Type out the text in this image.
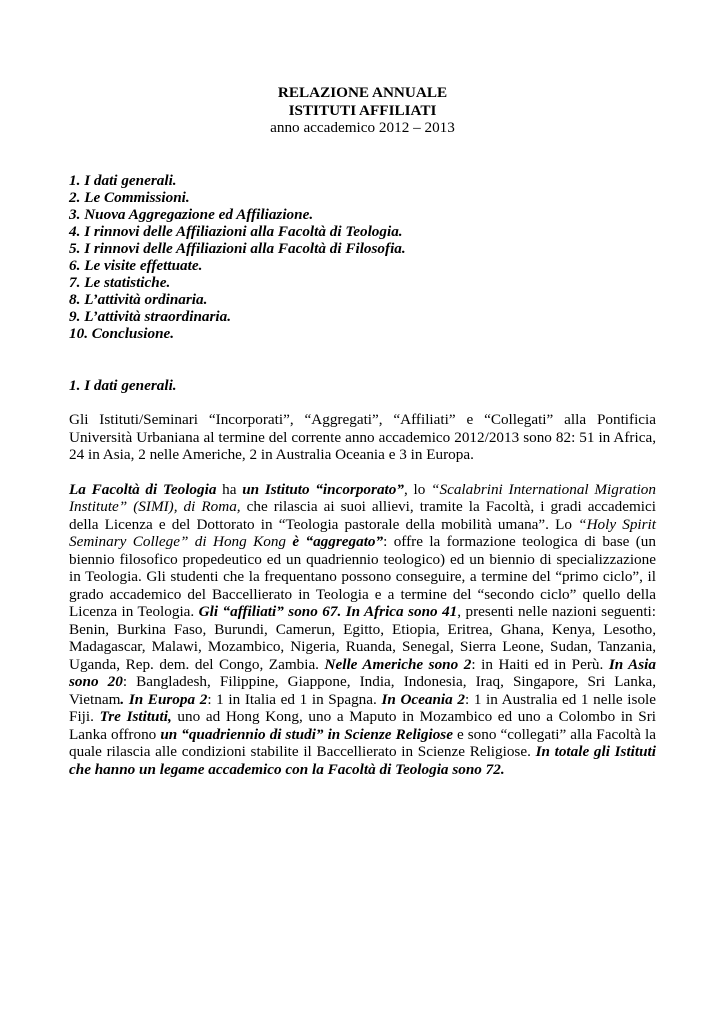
RELAZIONE ANNUALE
ISTITUTI AFFILIATI
anno accademico 2012 – 2013
1. I dati generali.
2. Le Commissioni.
3. Nuova Aggregazione ed Affiliazione.
4. I rinnovi delle Affiliazioni alla Facoltà di Teologia.
5. I rinnovi delle Affiliazioni alla Facoltà di Filosofia.
6. Le visite effettuate.
7. Le statistiche.
8. L’attività ordinaria.
9. L’attività straordinaria.
10. Conclusione.
1. I dati generali.
Gli Istituti/Seminari “Incorporati”, “Aggregati”, “Affiliati” e “Collegati” alla Pontificia Università Urbaniana al termine del corrente anno accademico 2012/2013 sono 82: 51 in Africa, 24 in Asia, 2 nelle Americhe, 2 in Australia Oceania e 3 in Europa.
La Facoltà di Teologia ha un Istituto “incorporato”, lo “Scalabrini International Migration Institute” (SIMI), di Roma, che rilascia ai suoi allievi, tramite la Facoltà, i gradi accademici della Licenza e del Dottorato in “Teologia pastorale della mobilità umana”. Lo “Holy Spirit Seminary College” di Hong Kong è “aggregato”: offre la formazione teologica di base (un biennio filosofico propedeutico ed un quadriennio teologico) ed un biennio di specializzazione in Teologia. Gli studenti che la frequentano possono conseguire, a termine del “primo ciclo”, il grado accademico del Baccellierato in Teologia e a termine del “secondo ciclo” quello della Licenza in Teologia. Gli “affiliati” sono 67. In Africa sono 41, presenti nelle nazioni seguenti: Benin, Burkina Faso, Burundi, Camerun, Egitto, Etiopia, Eritrea, Ghana, Kenya, Lesotho, Madagascar, Malawi, Mozambico, Nigeria, Ruanda, Senegal, Sierra Leone, Sudan, Tanzania, Uganda, Rep. dem. del Congo, Zambia. Nelle Americhe sono 2: in Haiti ed in Perù. In Asia sono 20: Bangladesh, Filippine, Giappone, India, Indonesia, Iraq, Singapore, Sri Lanka, Vietnam. In Europa 2: 1 in Italia ed 1 in Spagna. In Oceania 2: 1 in Australia ed 1 nelle isole Fiji. Tre Istituti, uno ad Hong Kong, uno a Maputo in Mozambico ed uno a Colombo in Sri Lanka offrono un “quadriennio di studi” in Scienze Religiose e sono “collegati” alla Facoltà la quale rilascia alle condizioni stabilite il Baccellierato in Scienze Religiose. In totale gli Istituti che hanno un legame accademico con la Facoltà di Teologia sono 72.
